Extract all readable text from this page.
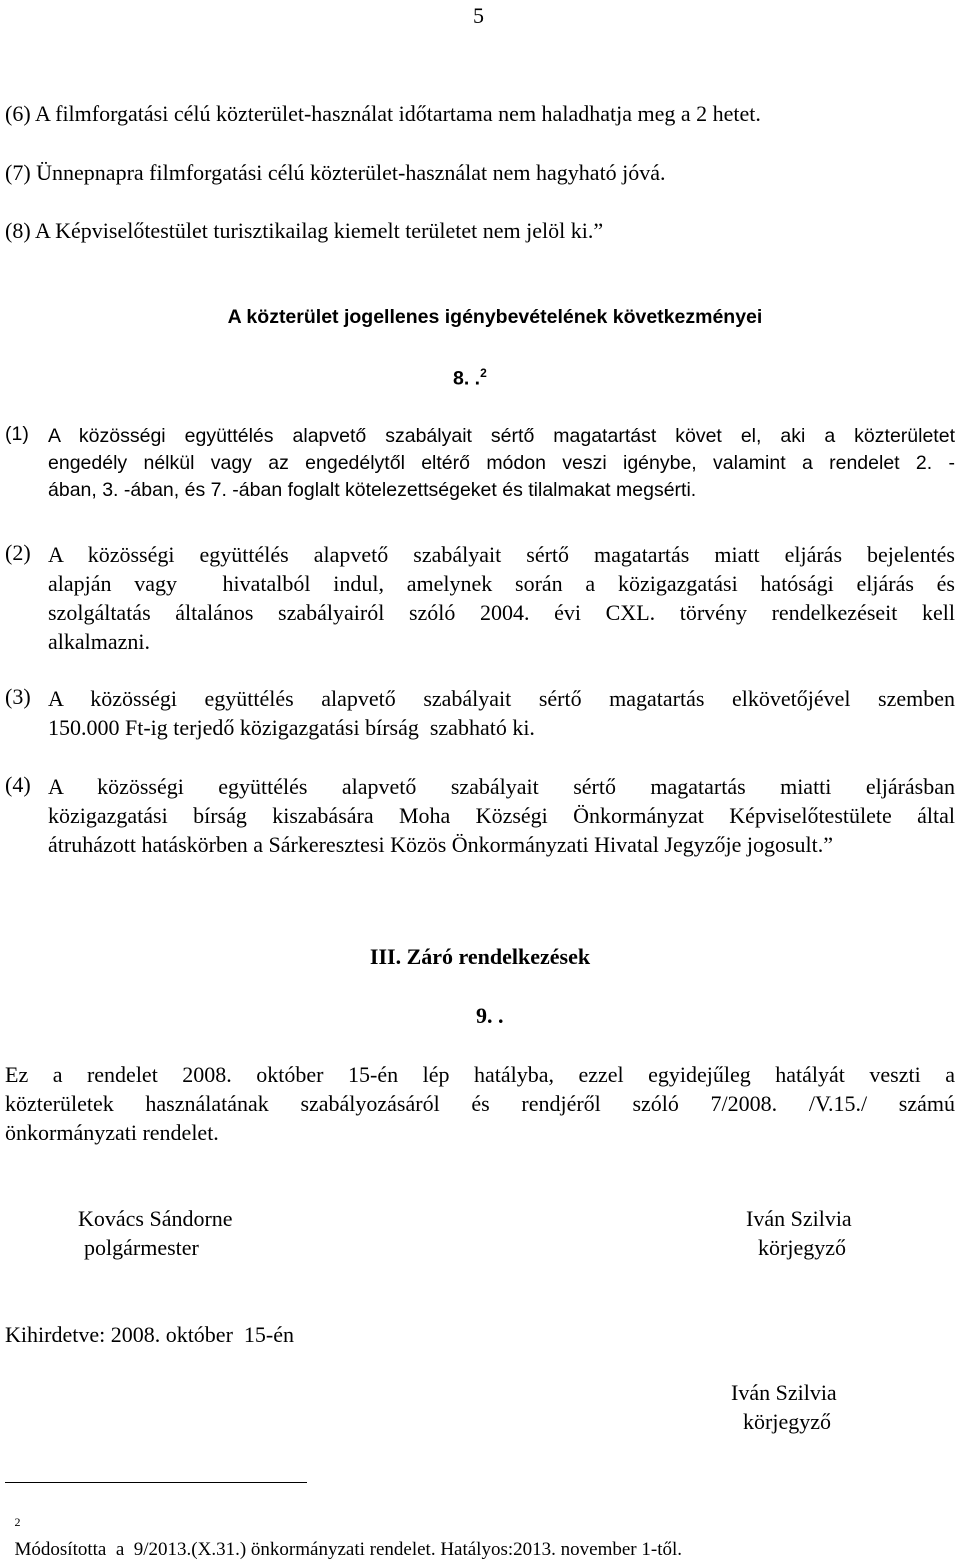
5
(6) A filmforgatási célú közterület-használat időtartama nem haladhatja meg a 2 hetet.
(7) Ünnepnapra filmforgatási célú közterület-használat nem hagyható jóvá.
(8) A Képviselőtestület turisztikailag kiemelt területet nem jelöl ki.”
A közterület jogellenes igénybevételének következményei
8. .$^2$
(1) A közösségi együttélés alapvető szabályait sértő magatartást követ el, aki a közterületet
engedély nélkül vagy az engedélytől eltérő módon veszi igénybe, valamint a rendelet 2. -
ában, 3. -ában, és 7. -ában foglalt kötelezettségeket és tilalmakat megsérti.
(2) A közösségi együttélés alapvető szabályait sértő magatartás miatt eljárás bejelentés
alapján vagy  hivatalból indul, amelynek során a közigazgatási hatósági eljárás és
szolgáltatás általános szabályairól szóló 2004. évi CXL. törvény rendelkezéseit kell
alkalmazni.
(3) A közösségi együttélés alapvető szabályait sértő magatartás elkövetőjével szemben
150.000 Ft-ig terjedő közigazgatási bírság  szabható ki.
(4) A közösségi együttélés alapvető szabályait sértő magatartás miatti eljárásban
közigazgatási bírság kiszabására Moha Községi Önkormányzat Képviselőtestülete által
átruházott hatáskörben a Sárkeresztesi Közös Önkormányzati Hivatal Jegyzője jogosult.”
III. Záró rendelkezések
9. .
Ez a rendelet 2008. október 15-én lép hatályba, ezzel egyidejűleg hatályát veszti a
közterületek használatának szabályozásáról és rendjéről szóló 7/2008. /V.15./ számú
önkormányzati rendelet.
Kovács Sándorne
polgármester
Iván Szilvia
körjegyző
Kihirdetve: 2008. október  15-én
Iván Szilvia
körjegyző

$^2$
Módosította  a  9/2013.(X.31.) önkormányzati rendelet. Hatályos:2013. november 1-től.
